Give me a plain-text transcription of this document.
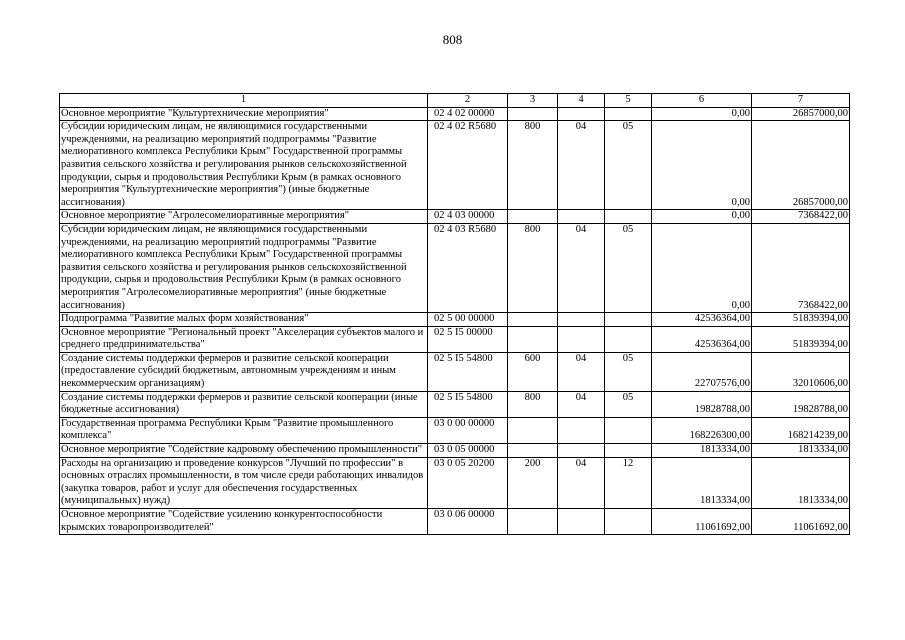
808
1	2	3	4	5	6	7
Основное мероприятие "Культуртехнические мероприятия"	02 4 02 00000				0,00	26857000,00
Субсидии юридическим лицам, не являющимися государственными учреждениями, на реализацию мероприятий подпрограммы "Развитие мелиоративного комплекса Республики Крым" Государственной программы развития сельского хозяйства и регулирования рынков сельскохозяйственной продукции, сырья и продовольствия Республики Крым (в рамках основного мероприятия "Культуртехнические мероприятия") (иные бюджетные ассигнования)	02 4 02 R5680	800	04	05	0,00	26857000,00
Основное мероприятие "Агролесомелиоративные мероприятия"	02 4 03 00000				0,00	7368422,00
Субсидии юридическим лицам, не являющимися государственными учреждениями, на реализацию мероприятий подпрограммы "Развитие мелиоративного комплекса Республики Крым" Государственной программы развития сельского хозяйства и регулирования рынков сельскохозяйственной продукции, сырья и продовольствия Республики Крым (в рамках основного мероприятия "Агролесомелиоративные мероприятия" (иные бюджетные ассигнования)	02 4 03 R5680	800	04	05	0,00	7368422,00
Подпрограмма "Развитие малых форм хозяйствования"	02 5 00 00000				42536364,00	51839394,00
Основное мероприятие "Региональный проект "Акселерация субъектов малого и среднего предпринимательства"	02 5 I5 00000				42536364,00	51839394,00
Создание системы поддержки фермеров и развитие сельской кооперации (предоставление субсидий бюджетным, автономным учреждениям и иным некоммерческим организациям)	02 5 I5 54800	600	04	05	22707576,00	32010606,00
Создание системы поддержки фермеров и развитие сельской кооперации (иные бюджетные ассигнования)	02 5 I5 54800	800	04	05	19828788,00	19828788,00
Государственная программа Республики Крым "Развитие промышленного комплекса"	03 0 00 00000				168226300,00	168214239,00
Основное мероприятие "Содействие кадровому обеспечению промышленности"	03 0 05 00000				1813334,00	1813334,00
Расходы на организацию и проведение конкурсов "Лучший по профессии" в основных отраслях промышленности, в том числе среди работающих инвалидов (закупка товаров, работ и услуг для обеспечения государственных (муниципальных) нужд)	03 0 05 20200	200	04	12	1813334,00	1813334,00
Основное мероприятие "Содействие усилению конкурентоспособности крымских товаропроизводителей"	03 0 06 00000				11061692,00	11061692,00
